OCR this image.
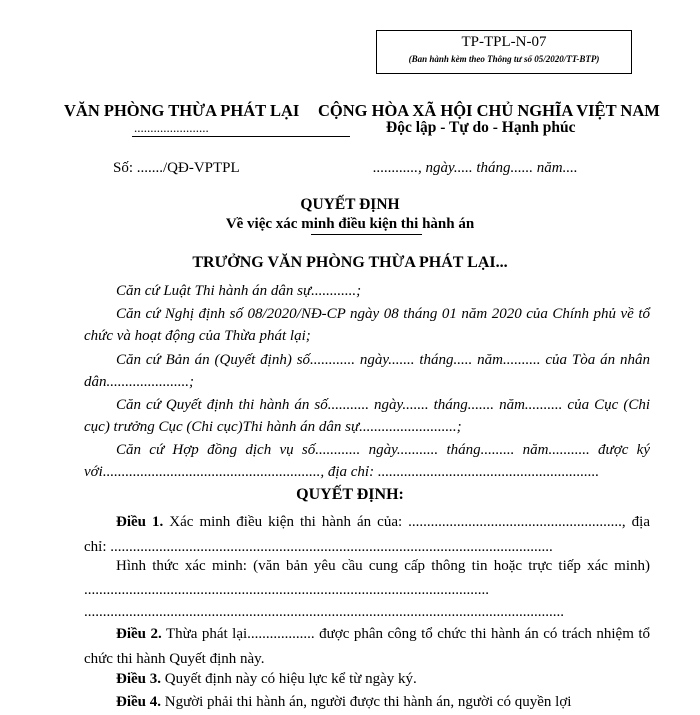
TP-TPL-N-07
(Ban hành kèm theo Thông tư số 05/2020/TT-BTP)
VĂN PHÒNG THỪA PHÁT LẠI
.......................
CỘNG HÒA XÃ HỘI CHỦ NGHĨA VIỆT NAM
Độc lập - Tự do - Hạnh phúc
Số: ......./QĐ-VPTPL	............, ngày..... tháng...... năm....
QUYẾT ĐỊNH
Về việc xác minh điều kiện thi hành án
TRƯỞNG VĂN PHÒNG THỪA PHÁT LẠI...
Căn cứ Luật Thi hành án dân sự............;
Căn cứ Nghị định số 08/2020/NĐ-CP ngày 08 tháng 01 năm 2020 của Chính phủ về tổ chức và hoạt động của Thừa phát lại;
Căn cứ Bản án (Quyết định) số............ ngày....... tháng..... năm.......... của Tòa án nhân dân......................;
Căn cứ Quyết định thi hành án số........... ngày....... tháng....... năm.......... của Cục (Chi cục) trưởng Cục (Chi cục)Thi hành án dân sự..........................;
Căn cứ Hợp đồng dịch vụ số............ ngày........... tháng......... năm........... được ký với.........................................................., địa chỉ: ...........................................................
QUYẾT ĐỊNH:
Điều 1. Xác minh điều kiện thi hành án của: ........................................................., địa chỉ: ......................................................................................................................
Hình thức xác minh: (văn bản yêu cầu cung cấp thông tin hoặc trực tiếp xác minh) ............................................................................................................
................................................................................................................................
Điều 2. Thừa phát lại.................. được phân công tổ chức thi hành án có trách nhiệm tổ chức thi hành Quyết định này.
Điều 3. Quyết định này có hiệu lực kể từ ngày ký.
Điều 4. Người phải thi hành án, người được thi hành án, người có quyền lợi
